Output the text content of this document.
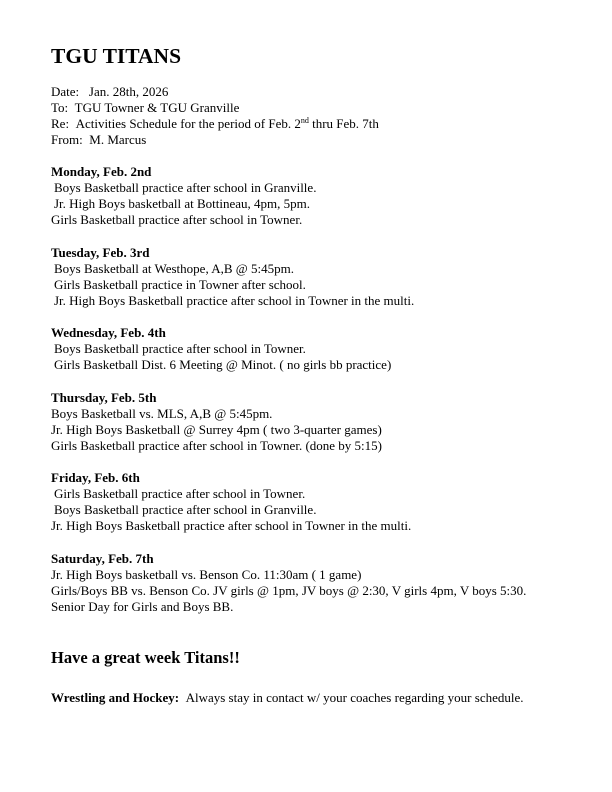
TGU TITANS
Date: Jan. 28th, 2026
To: TGU Towner & TGU Granville
Re: Activities Schedule for the period of Feb. 2nd thru Feb. 7th
From: M. Marcus
Monday, Feb. 2nd
Boys Basketball practice after school in Granville.
Jr. High Boys basketball at Bottineau, 4pm, 5pm.
Girls Basketball practice after school in Towner.
Tuesday, Feb. 3rd
Boys Basketball at Westhope, A,B @ 5:45pm.
Girls Basketball practice in Towner after school.
Jr. High Boys Basketball practice after school in Towner in the multi.
Wednesday, Feb. 4th
Boys Basketball practice after school in Towner.
Girls Basketball Dist. 6 Meeting @ Minot. ( no girls bb practice)
Thursday, Feb. 5th
Boys Basketball vs. MLS, A,B @ 5:45pm.
Jr. High Boys Basketball @ Surrey 4pm ( two 3-quarter games)
Girls Basketball practice after school in Towner. (done by 5:15)
Friday, Feb. 6th
Girls Basketball practice after school in Towner.
Boys Basketball practice after school in Granville.
Jr. High Boys Basketball practice after school in Towner in the multi.
Saturday, Feb. 7th
Jr. High Boys basketball vs. Benson Co. 11:30am ( 1 game)
Girls/Boys BB vs. Benson Co. JV girls @ 1pm, JV boys @ 2:30, V girls 4pm, V boys 5:30.
Senior Day for Girls and Boys BB.
Have a great week Titans!!
Wrestling and Hockey: Always stay in contact w/ your coaches regarding your schedule.
